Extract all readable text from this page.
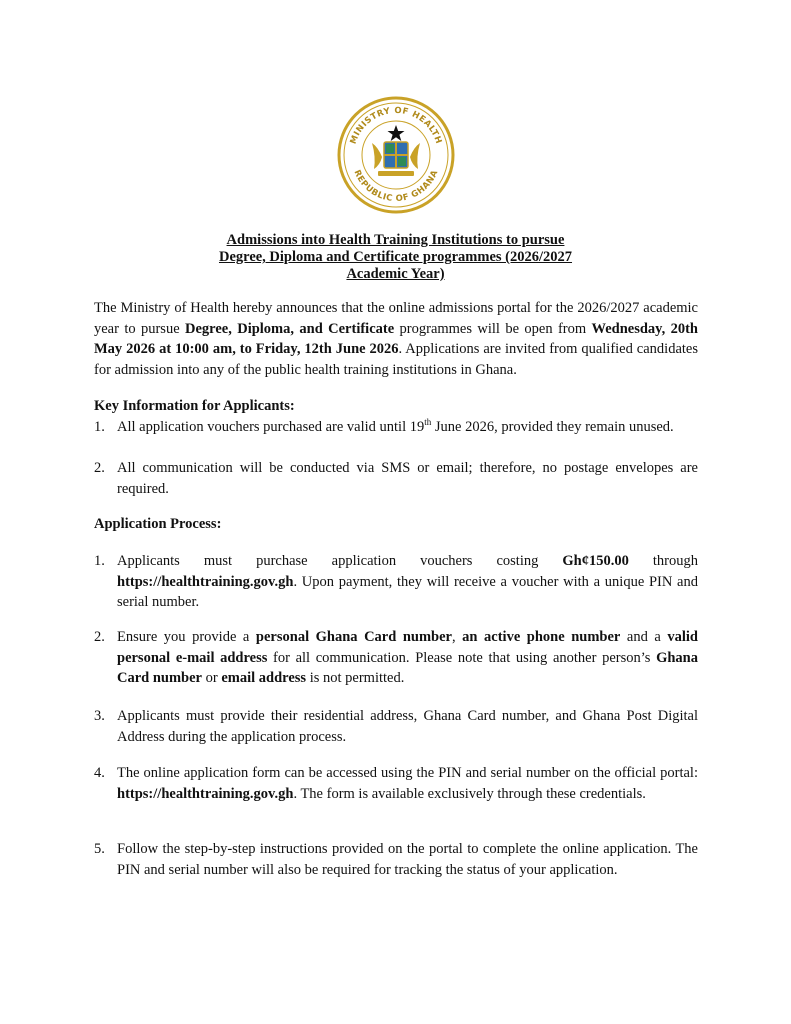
MINISTRY OF HEALTH
REPUBLIC OF GHANA
Admissions into Health Training Institutions to pursue
Degree, Diploma and Certificate programmes (2026/2027
Academic Year)

The Ministry of Health hereby announces that the online admissions portal for the 2026/2027 academic year to pursue Degree, Diploma, and Certificate programmes will be open from Wednesday, 20th May 2026 at 10:00 am, to Friday, 12th June 2026. Applications are invited from qualified candidates for admission into any of the public health training institutions in Ghana.

Key Information for Applicants:

1. All application vouchers purchased are valid until 19th June 2026, provided they remain unused.
2. All communication will be conducted via SMS or email; therefore, no postage envelopes are required.

Application Process:

1. Applicants must purchase application vouchers costing Gh¢150.00 through https://healthtraining.gov.gh. Upon payment, they will receive a voucher with a unique PIN and serial number.
2. Ensure you provide a personal Ghana Card number, an active phone number and a valid personal e-mail address for all communication. Please note that using another person’s Ghana Card number or email address is not permitted.
3. Applicants must provide their residential address, Ghana Card number, and Ghana Post Digital Address during the application process.
4. The online application form can be accessed using the PIN and serial number on the official portal: https://healthtraining.gov.gh. The form is available exclusively through these credentials.
5. Follow the step-by-step instructions provided on the portal to complete the online application. The PIN and serial number will also be required for tracking the status of your application.
